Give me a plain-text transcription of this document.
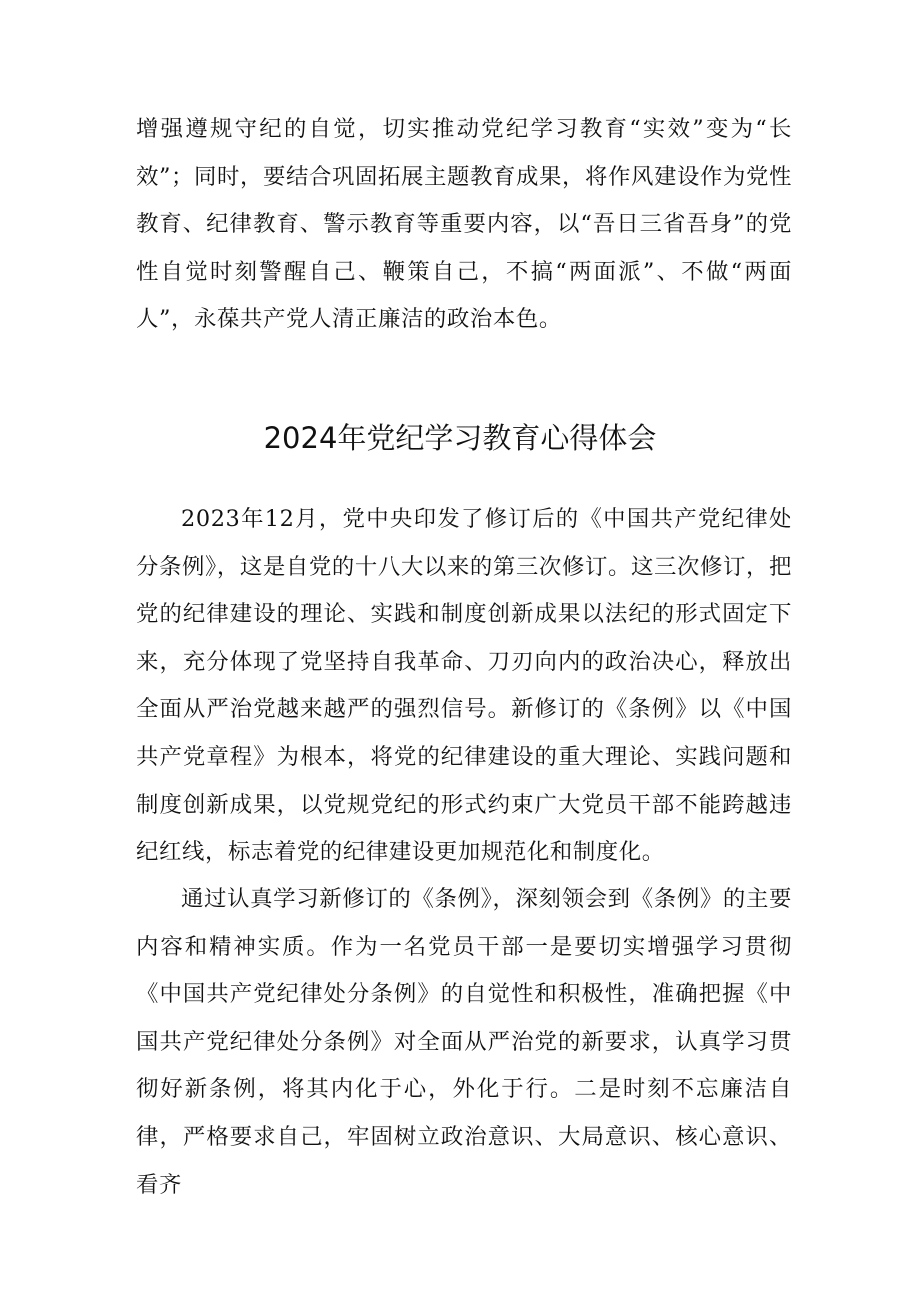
增强遵规守纪的自觉，切实推动党纪学习教育“实效”变为“长效”；同时，要结合巩固拓展主题教育成果，将作风建设作为党性教育、纪律教育、警示教育等重要内容，以“吾日三省吾身”的党性自觉时刻警醒自己、鞭策自己，不搞“两面派”、不做“两面人”，永葆共产党人清正廉洁的政治本色。

2024年党纪学习教育心得体会

2023年12月，党中央印发了修订后的《中国共产党纪律处分条例》，这是自党的十八大以来的第三次修订。这三次修订，把党的纪律建设的理论、实践和制度创新成果以法纪的形式固定下来，充分体现了党坚持自我革命、刀刃向内的政治决心，释放出全面从严治党越来越严的强烈信号。新修订的《条例》以《中国共产党章程》为根本，将党的纪律建设的重大理论、实践问题和制度创新成果，以党规党纪的形式约束广大党员干部不能跨越违纪红线，标志着党的纪律建设更加规范化和制度化。

通过认真学习新修订的《条例》，深刻领会到《条例》的主要内容和精神实质。作为一名党员干部一是要切实增强学习贯彻《中国共产党纪律处分条例》的自觉性和积极性，准确把握《中国共产党纪律处分条例》对全面从严治党的新要求，认真学习贯彻好新条例，将其内化于心，外化于行。二是时刻不忘廉洁自律，严格要求自己，牢固树立政治意识、大局意识、核心意识、看齐
